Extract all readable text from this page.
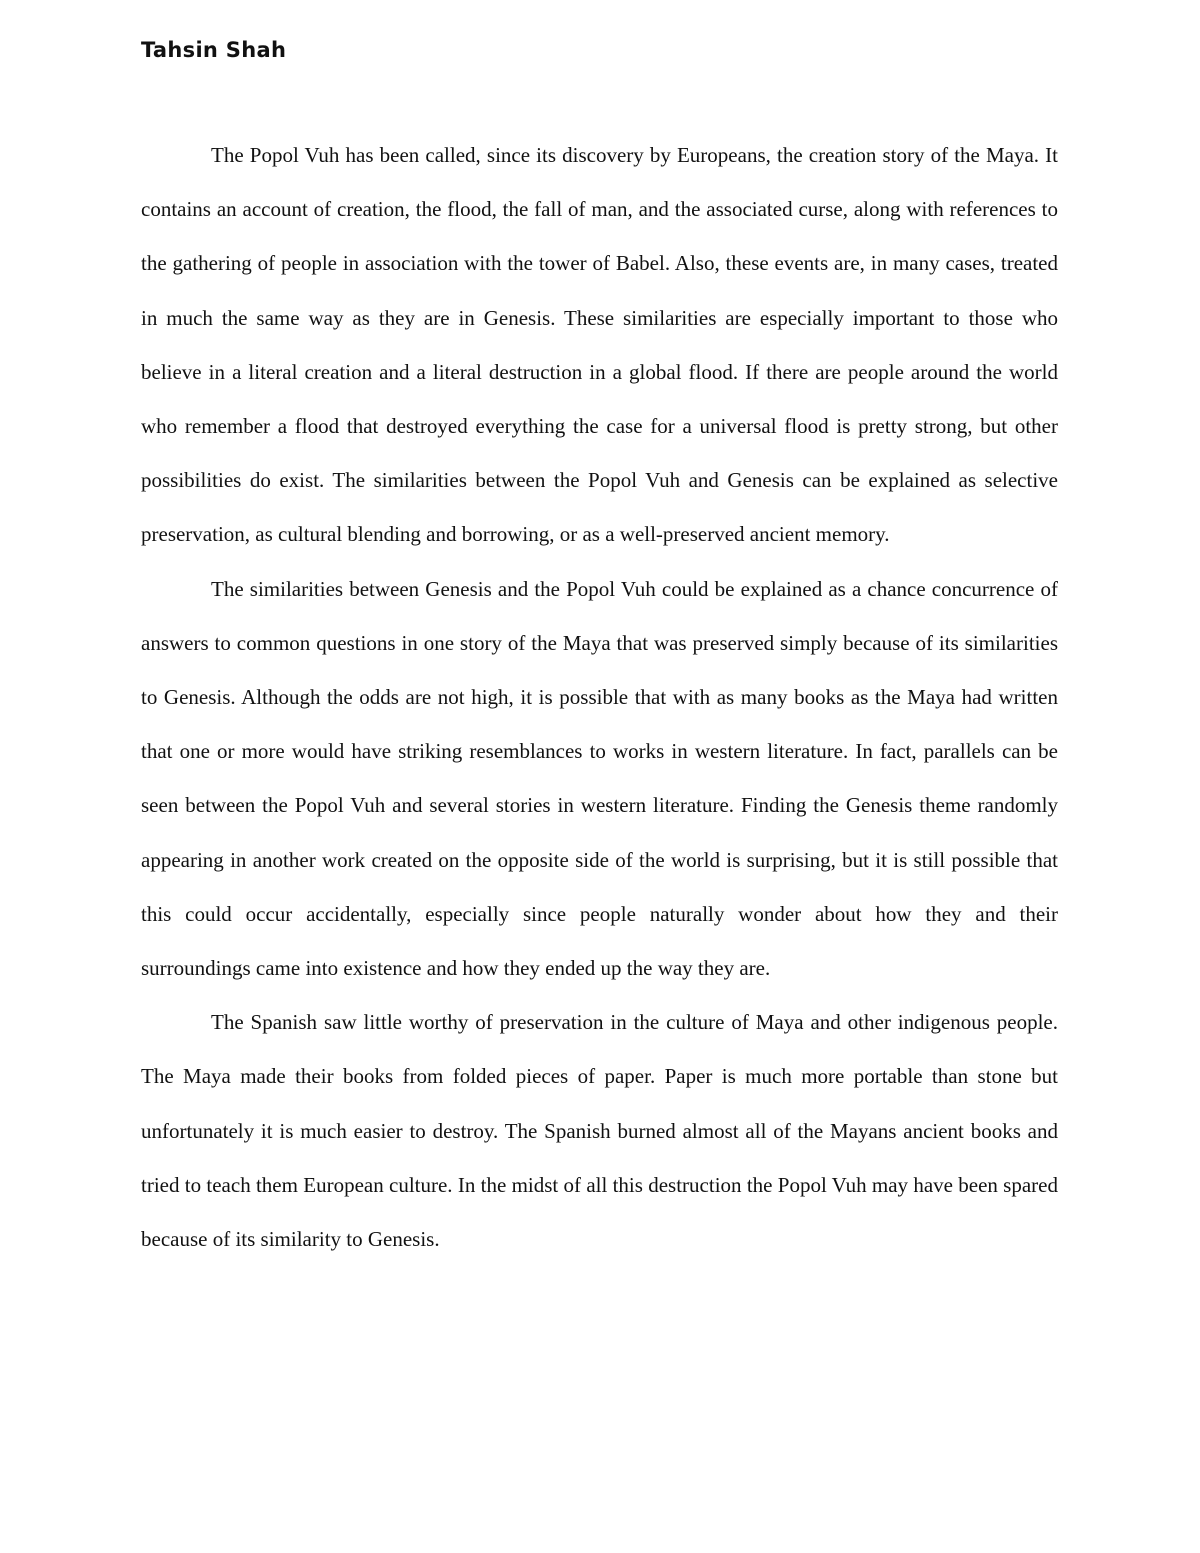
Tahsin Shah

The Popol Vuh has been called, since its discovery by Europeans, the creation story of the Maya. It contains an account of creation, the flood, the fall of man, and the associated curse, along with references to the gathering of people in association with the tower of Babel. Also, these events are, in many cases, treated in much the same way as they are in Genesis. These similarities are especially important to those who believe in a literal creation and a literal destruction in a global flood. If there are people around the world who remember a flood that destroyed everything the case for a universal flood is pretty strong, but other possibilities do exist. The similarities between the Popol Vuh and Genesis can be explained as selective preservation, as cultural blending and borrowing, or as a well-preserved ancient memory.

The similarities between Genesis and the Popol Vuh could be explained as a chance concurrence of answers to common questions in one story of the Maya that was preserved simply because of its similarities to Genesis. Although the odds are not high, it is possible that with as many books as the Maya had written that one or more would have striking resemblances to works in western literature. In fact, parallels can be seen between the Popol Vuh and several stories in western literature. Finding the Genesis theme randomly appearing in another work created on the opposite side of the world is surprising, but it is still possible that this could occur accidentally, especially since people naturally wonder about how they and their surroundings came into existence and how they ended up the way they are.

The Spanish saw little worthy of preservation in the culture of Maya and other indigenous people. The Maya made their books from folded pieces of paper. Paper is much more portable than stone but unfortunately it is much easier to destroy. The Spanish burned almost all of the Mayans ancient books and tried to teach them European culture. In the midst of all this destruction the Popol Vuh may have been spared because of its similarity to Genesis.
